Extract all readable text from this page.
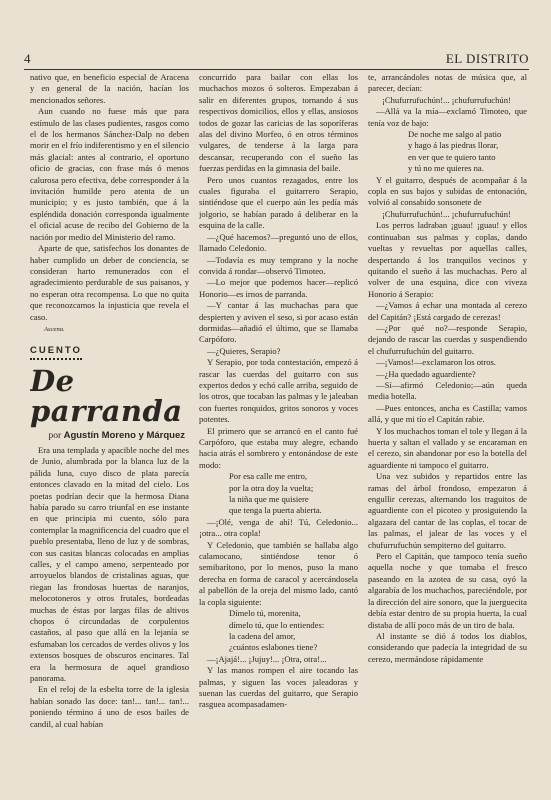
4	EL DISTRITO

nativo que, en beneficio especial de Aracena y en general de la nación, hacían los mencionados señores.

Aun cuando no fuese más que para estímulo de las clases pudientes, rasgos como el de los hermanos Sánchez-Dalp no deben morir en el frío indiferentismo y en el silencio más glacial: antes al contrario, el oportuno oficio de gracias, con frase más ó menos calurosa pero efectiva, debe corresponder á la invitación humilde pero atenta de un municipio; y es justo también, que á la espléndida donación corresponda igualmente el oficial acuse de recibo del Gobierno de la nación por medio del Ministerio del ramo.

Aparte de que, satisfechos los donantes de haber cumplido un deber de conciencia, se consideran harto remunerados con el agradecimiento perdurable de sus paisanos, y no esperan otra recompensa. Lo que no quita que reconozcamos la injusticia que revela el caso.

Ascena.
CUENTO
De parranda
por Agustín Moreno y Márquez

Era una templada y apacible noche del mes de Junio, alumbrada por la blanca luz de la pálida luna, cuyo disco de plata parecía entonces clavado en la mitad del cielo. Los poetas podrían decir que la hermosa Diana había parado su carro triunfal en ese instante en que principia mi cuento, sólo para contemplar la magnificencia del cuadro que el pueblo presentaba, lleno de luz y de sombras, con sus casitas blancas colocadas en amplias calles, y el campo ameno, serpenteado por arroyuelos blandos de cristalinas aguas, que riegan las frondosas huertas de naranjos, melocotoneros y otros frutales, bordeadas muchas de éstas por largas filas de altivos chopos ó circundadas de corpulentos castaños, al paso que allá en la lejanía se esfumaban los cercados de verdes olivos y los extensos bosques de obscuros encinares. Tal era la hermosura de aquel grandioso panorama.

En el reloj de la esbelta torre de la iglesia habían sonado las doce: tan!... tan!... tan!... poniendo término á uno de esos bailes de candil, al cual habían

concurrido para bailar con ellas los muchachos mozos ó solteros. Empezaban á salir en diferentes grupos, tornando á sus respectivos domicilios, ellos y ellas, ansiosos todos de gozar las caricias de las soporíferas alas del divino Morfeo, ó en otros términos vulgares, de tenderse á la larga para descansar, recuperando con el sueño las fuerzas perdidas en la gimnasia del baile.

Pero unos cuantos rezagados, entre los cuales figuraba el guitarrero Serapio, sintiéndose que el cuerpo aún les pedía más jolgorio, se habían parado á deliberar en la esquina de la calle.

—¿Qué hacemos?—preguntó uno de ellos, llamado Celedonio.

—Todavía es muy temprano y la noche convida á rondar—observó Timoteo.

—Lo mejor que podemos hacer—replicó Honorio—es irnos de parranda.

—Y cantar á las muchachas para que despierten y aviven el seso, si por acaso están dormidas—añadió el último, que se llamaba Carpóforo.

—¿Quieres, Serapio?

Y Serapio, por toda contestación, empezó á rascar las cuerdas del guitarro con sus expertos dedos y echó calle arriba, seguido de los otros, que tocaban las palmas y le jaleaban con fuertes ronquidos, gritos sonoros y voces potentes.

El primero que se arrancó en el canto fué Carpóforo, que estaba muy alegre, echando hacia atrás el sombrero y entonándose de este modo:

Por esa calle me entro,
por la otra doy la vuelta;
la niña que me quisiere
que tenga la puerta abierta.

—¡Olé, venga de ahí! Tú, Celedonio... ¡otra... otra copla!

Y Celedonio, que también se hallaba algo calamocano, sintiéndose tenor ó semibarítono, por lo menos, puso la mano derecha en forma de caracol y acercándosela al pabellón de la oreja del mismo lado, cantó la copla siguiente:

Dímelo tú, morenita,
dímelo tú, que lo entiendes:
la cadena del amor,
¿cuántos eslabones tiene?

—¡Ajajá!... ¡Jujuy!... ¡Otra, otra!...

Y las manos rompen el aire tocando las palmas, y siguen las voces jaleadoras y suenan las cuerdas del guitarro, que Serapio rasguea acompasadamen-

te, arrancándoles notas de música que, al parecer, decían:

¡Chufurrufuchún!... ¡chufurrufuchún!

—Allá va la mía—exclamó Timoteo, que tenía voz de bajo:

De noche me salgo al patio
y hago á las piedras llorar,
en ver que te quiero tanto
y tú no me quieres na.

Y el guitarro, después de acompañar á la copla en sus bajos y subidas de entonación, volvió al consabido sonsonete de

¡Chufurrufuchún!... ¡chufurrufuchún!

Los perros ladraban ¡guau! ¡guau! y ellos continuaban sus palmas y coplas, dando vueltas y revueltas por aquellas calles, despertando á los tranquilos vecinos y quitando el sueño á las muchachas. Pero al volver de una esquina, dice con viveza Honorio á Serapio:

—¿Vamos á echar una montada al cerezo del Capitán? ¡Está cargado de cerezas!

—¿Por qué no?—responde Serapio, dejando de rascar las cuerdas y suspendiendo el chufurrufuchún del guitarro.

—¡Vamos!—exclamaron los otros.

—¿Ha quedado aguardiente?

—Sí—afirmó Celedonio;—aún queda media botella.

—Pues entonces, ancha es Castilla; vamos allá, y que mi tío el Capitán rabie.

Y los muchachos toman el tole y llegan á la huerta y saltan el vallado y se encaraman en el cerezo, sin abandonar por eso la botella del aguardiente ni tampoco el guitarro.

Una vez subidos y repartidos entre las ramas del árbol frondoso, empezaron á engullir cerezas, alternando los traguitos de aguardiente con el picoteo y prosiguiendo la algazara del cantar de las coplas, el tocar de las palmas, el jalear de las voces y el chufurrufuchún sempiterno del guitarro.

Pero el Capitán, que tampoco tenía sueño aquella noche y que tomaba el fresco paseando en la azotea de su casa, oyó la algarabía de los muchachos, pareciéndole, por la dirección del aire sonoro, que la juerguecita debía estar dentro de su propia huerta, la cual distaba de allí poco más de un tiro de bala.

Al instante se dió á todos los diablos, considerando que padecía la integridad de su cerezo, mermándose rápidamente
